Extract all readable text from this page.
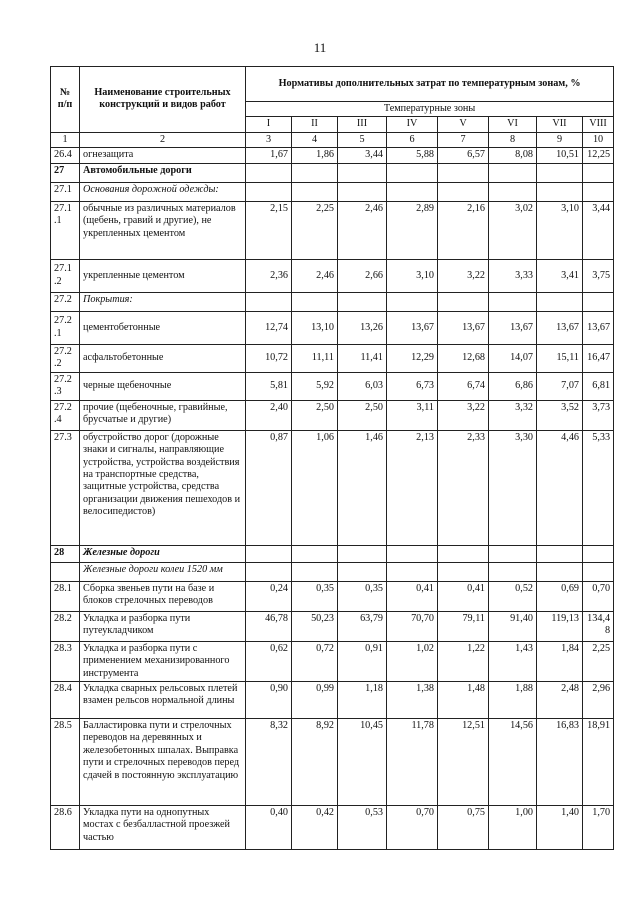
11
№
п/п	Наименование строительных конструкций и видов работ	Нормативы дополнительных затрат по температурным зонам, %							
		Температурные зоны							
		I	II	III	IV	V	VI	VII	VIII
1	2	3	4	5	6	7	8	9	10
26.4	огнезащита	1,67	1,86	3,44	5,88	6,57	8,08	10,51	12,25
27	Автомобильные дороги								
27.1	Основания дорожной одежды:								
27.1
.1	обычные из различных материалов (щебень, гравий и другие), не укрепленных цементом	2,15	2,25	2,46	2,89	2,16	3,02	3,10	3,44
27.1
.2	укрепленные цементом	2,36	2,46	2,66	3,10	3,22	3,33	3,41	3,75
27.2	Покрытия:								
27.2
.1	цементобетонные	12,74	13,10	13,26	13,67	13,67	13,67	13,67	13,67
27.2
.2	асфальтобетонные	10,72	11,11	11,41	12,29	12,68	14,07	15,11	16,47
27.2
.3	черные щебеночные	5,81	5,92	6,03	6,73	6,74	6,86	7,07	6,81
27.2
.4	прочие (щебеночные, гравийные, брусчатые и другие)	2,40	2,50	2,50	3,11	3,22	3,32	3,52	3,73
27.3	обустройство дорог (дорожные знаки и сигналы, направляющие устройства, устройства воздействия на транспортные средства, защитные устройства, средства организации движения пешеходов и велосипедистов)	0,87	1,06	1,46	2,13	2,33	3,30	4,46	5,33
28	Железные дороги								
	Железные дороги колеи 1520 мм								
28.1	Сборка звеньев пути на базе и блоков стрелочных переводов	0,24	0,35	0,35	0,41	0,41	0,52	0,69	0,70
28.2	Укладка и разборка пути путеукладчиком	46,78	50,23	63,79	70,70	79,11	91,40	119,13	134,4
8
28.3	Укладка и разборка пути с применением механизированного инструмента	0,62	0,72	0,91	1,02	1,22	1,43	1,84	2,25
28.4	Укладка сварных рельсовых плетей взамен рельсов нормальной длины	0,90	0,99	1,18	1,38	1,48	1,88	2,48	2,96
28.5	Балластировка пути и стрелочных переводов на деревянных и железобетонных шпалах. Выправка пути и стрелочных переводов перед сдачей в постоянную эксплуатацию	8,32	8,92	10,45	11,78	12,51	14,56	16,83	18,91
28.6	Укладка пути на однопутных мостах с безбалластной проезжей частью	0,40	0,42	0,53	0,70	0,75	1,00	1,40	1,70
